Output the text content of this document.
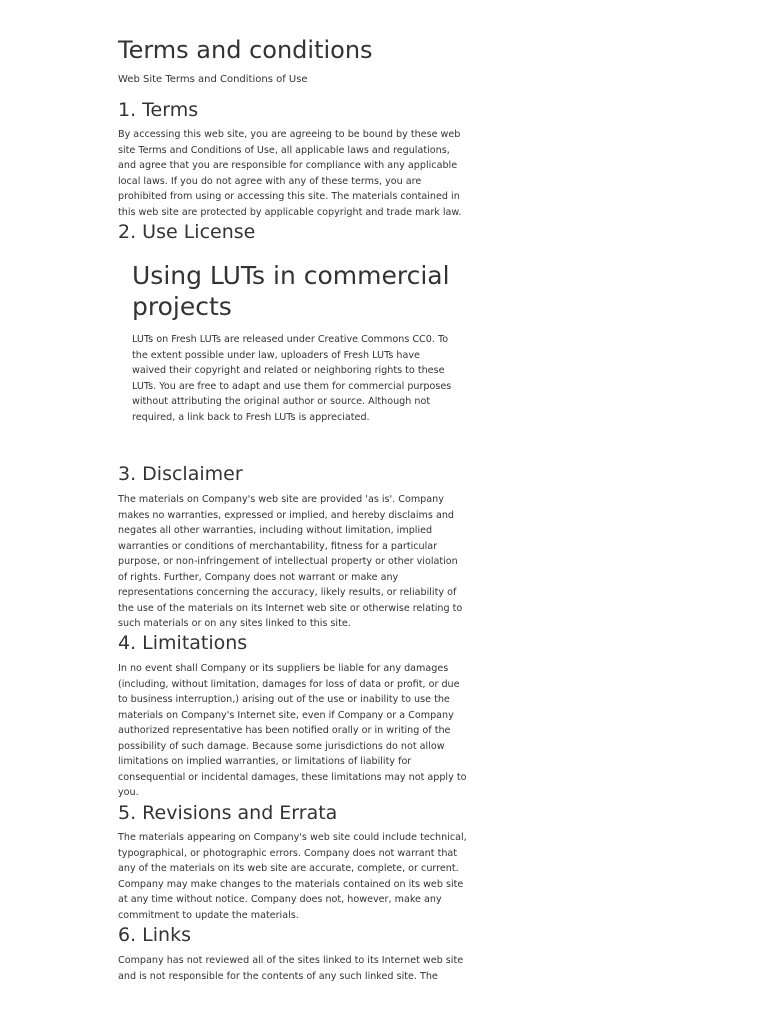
Terms and conditions

Web Site Terms and Conditions of Use

1. Terms

By accessing this web site, you are agreeing to be bound by these web site Terms and Conditions of Use, all applicable laws and regulations, and agree that you are responsible for compliance with any applicable local laws. If you do not agree with any of these terms, you are prohibited from using or accessing this site. The materials contained in this web site are protected by applicable copyright and trade mark law.

2. Use License
Using LUTs in commercial projects

LUTs on Fresh LUTs are released under Creative Commons CC0. To the extent possible under law, uploaders of Fresh LUTs have waived their copyright and related or neighboring rights to these LUTs. You are free to adapt and use them for commercial purposes without attributing the original author or source. Although not required, a link back to Fresh LUTs is appreciated.

3. Disclaimer

The materials on Company's web site are provided 'as is'. Company makes no warranties, expressed or implied, and hereby disclaims and negates all other warranties, including without limitation, implied warranties or conditions of merchantability, fitness for a particular purpose, or non-infringement of intellectual property or other violation of rights. Further, Company does not warrant or make any representations concerning the accuracy, likely results, or reliability of the use of the materials on its Internet web site or otherwise relating to such materials or on any sites linked to this site.

4. Limitations

In no event shall Company or its suppliers be liable for any damages (including, without limitation, damages for loss of data or profit, or due to business interruption,) arising out of the use or inability to use the materials on Company's Internet site, even if Company or a Company authorized representative has been notified orally or in writing of the possibility of such damage. Because some jurisdictions do not allow limitations on implied warranties, or limitations of liability for consequential or incidental damages, these limitations may not apply to you.

5. Revisions and Errata

The materials appearing on Company's web site could include technical, typographical, or photographic errors. Company does not warrant that any of the materials on its web site are accurate, complete, or current. Company may make changes to the materials contained on its web site at any time without notice. Company does not, however, make any commitment to update the materials.

6. Links

Company has not reviewed all of the sites linked to its Internet web site and is not responsible for the contents of any such linked site. The
